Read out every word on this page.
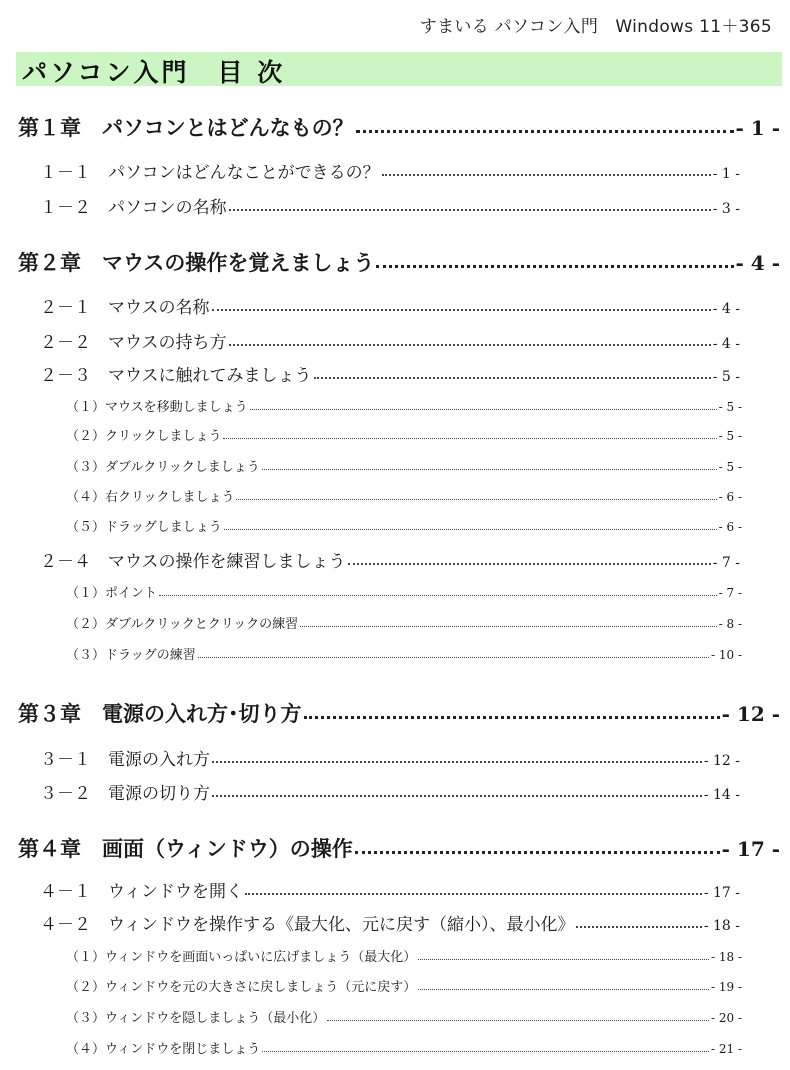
すまいる パソコン入門　Windows 11＋365
パソコン入門　目 次
第１章　パソコンとはどんなもの？	- 1 -
１－１　パソコンはどんなことができるの？	- 1 -
１－２　パソコンの名称	- 3 -
第２章　マウスの操作を覚えましょう	- 4 -
２－１　マウスの名称	- 4 -
２－２　マウスの持ち方	- 4 -
２－３　マウスに触れてみましょう	- 5 -
（１）マウスを移動しましょう	- 5 -
（２）クリックしましょう	- 5 -
（３）ダブルクリックしましょう	- 5 -
（４）右クリックしましょう	- 6 -
（５）ドラッグしましょう	- 6 -
２－４　マウスの操作を練習しましょう	- 7 -
（１）ポイント	- 7 -
（２）ダブルクリックとクリックの練習	- 8 -
（３）ドラッグの練習	- 10 -
第３章　電源の入れ方･切り方	- 12 -
３－１　電源の入れ方	- 12 -
３－２　電源の切り方	- 14 -
第４章　画面（ウィンドウ）の操作	- 17 -
４－１　ウィンドウを開く	- 17 -
４－２　ウィンドウを操作する《最大化、元に戻す（縮小）、最小化》	- 18 -
（１）ウィンドウを画面いっぱいに広げましょう（最大化）	- 18 -
（２）ウィンドウを元の大きさに戻しましょう（元に戻す）	- 19 -
（３）ウィンドウを隠しましょう（最小化）	- 20 -
（４）ウィンドウを閉じましょう	- 21 -
